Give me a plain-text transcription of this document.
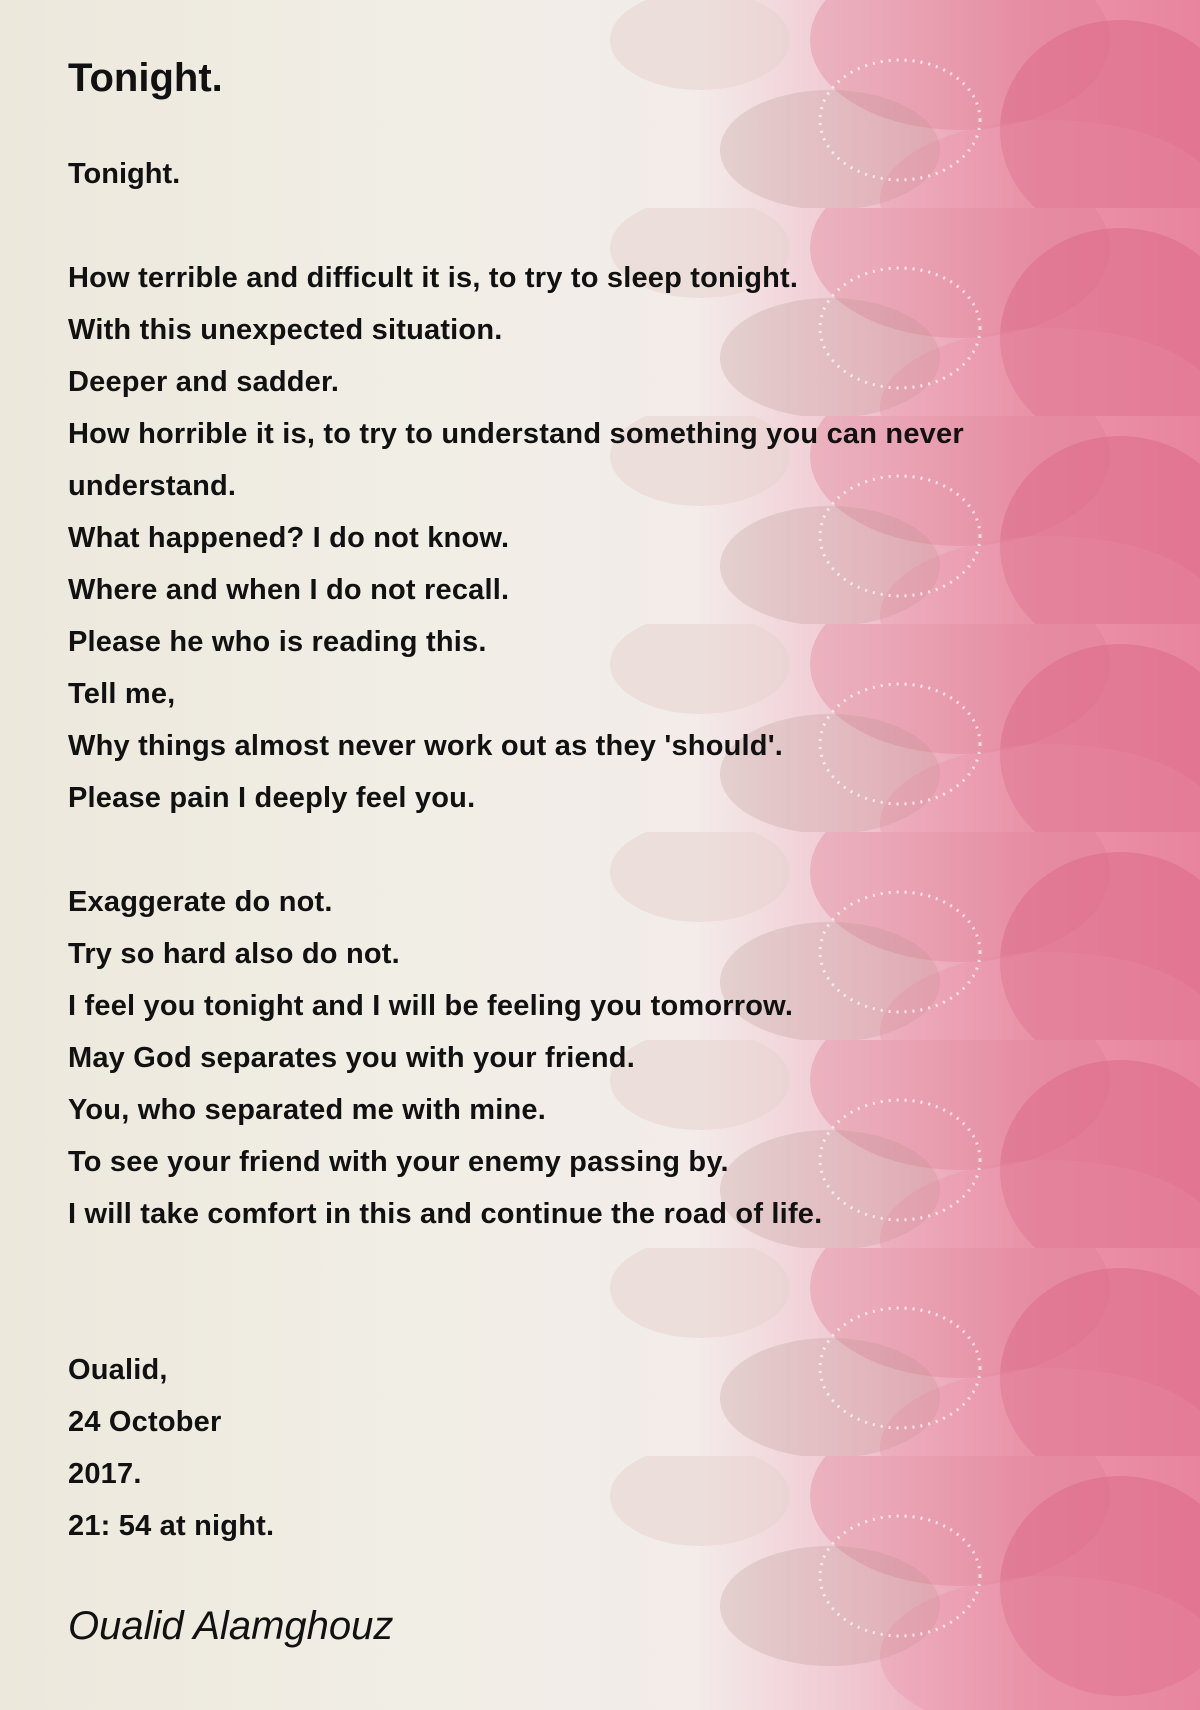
Tonight.
Tonight.
How terrible and difficult it is, to try to sleep tonight.
With this unexpected situation.
Deeper and sadder.
How horrible it is, to try to understand something you can never
understand.
What happened? I do not know.
Where and when I do not recall.
Please he who is reading this.
Tell me,
Why things almost never work out as they 'should'.
Please pain I deeply feel you.
Exaggerate do not.
Try so hard also do not.
I feel you tonight and I will be feeling you tomorrow.
May God separates you with your friend.
You, who separated me with mine.
To see your friend with your enemy passing by.
I will take comfort in this and continue the road of life.
Oualid,
24 October
2017.
21: 54 at night.
Oualid Alamghouz
